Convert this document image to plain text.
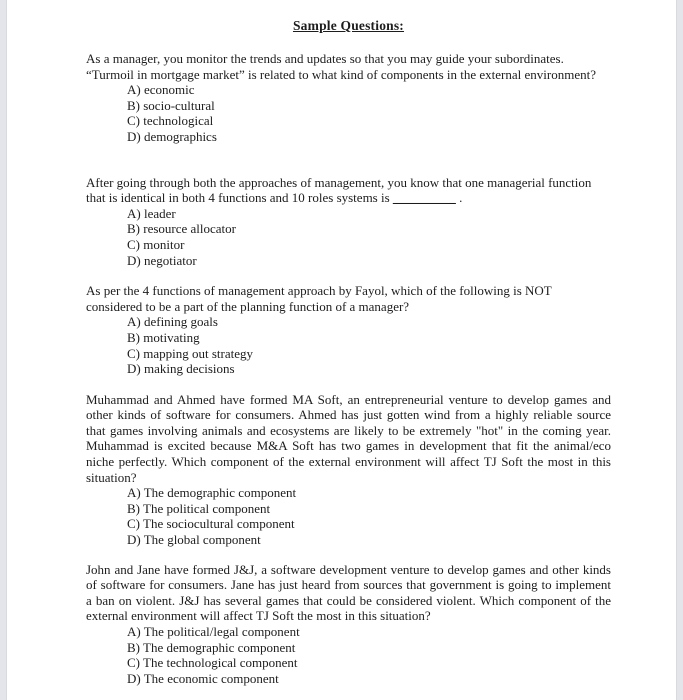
Sample Questions:

As a manager, you monitor the trends and updates so that you may guide your subordinates. “Turmoil in mortgage market” is related to what kind of components in the external environment?

A) economic
B) socio-cultural
C) technological
D) demographics

After going through both the approaches of management, you know that one managerial function that is identical in both 4 functions and 10 roles systems is _________ .

A) leader
B) resource allocator
C) monitor
D) negotiator

As per the 4 functions of management approach by Fayol, which of the following is NOT considered to be a part of the planning function of a manager?

A) defining goals
B) motivating
C) mapping out strategy
D) making decisions

Muhammad and Ahmed have formed MA Soft, an entrepreneurial venture to develop games and other kinds of software for consumers. Ahmed has just gotten wind from a highly reliable source that games involving animals and ecosystems are likely to be extremely "hot" in the coming year. Muhammad is excited because M&A Soft has two games in development that fit the animal/eco niche perfectly. Which component of the external environment will affect TJ Soft the most in this situation?

A) The demographic component
B) The political component
C) The sociocultural component
D) The global component

John and Jane have formed J&J, a software development venture to develop games and other kinds of software for consumers. Jane has just heard from sources that government is going to implement a ban on violent. J&J has several games that could be considered violent. Which component of the external environment will affect TJ Soft the most in this situation?

A) The political/legal component
B) The demographic component
C) The technological component
D) The economic component
